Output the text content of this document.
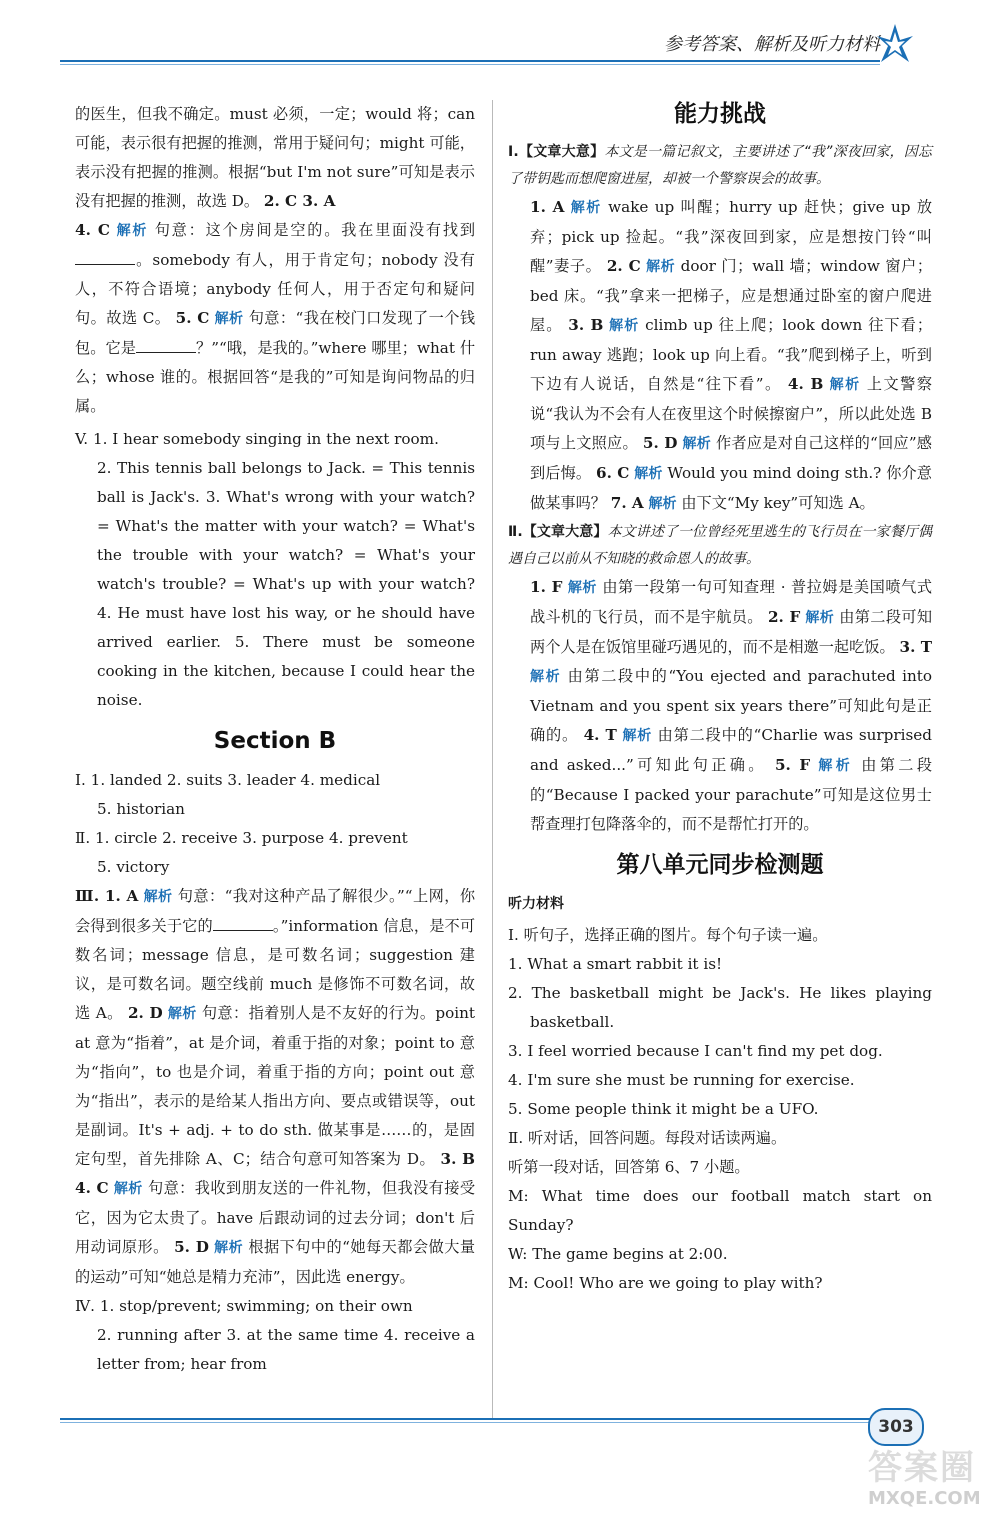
参考答案、解析及听力材料

的医生，但我不确定。must 必须，一定；would 将；can 可能，表示很有把握的推测，常用于疑问句；might 可能，表示没有把握的推测。根据“but I'm not sure”可知是表示没有把握的推测，故选 D。 2. C 3. A

4. C 解析 句意：这个房间是空的。我在里面没有找到。somebody 有人，用于肯定句；nobody 没有人，不符合语境；anybody 任何人，用于否定句和疑问句。故选 C。 5. C 解析 句意：“我在校门口发现了一个钱包。它是	？”“哦，是我的。”where 哪里；what 什么；whose 谁的。根据回答“是我的”可知是询问物品的归属。

V. 1. I hear somebody singing in the next room.

2. This tennis ball belongs to Jack. = This tennis ball is Jack's. 3. What's wrong with your watch? = What's the matter with your watch? = What's the trouble with your watch? = What's your watch's trouble? = What's up with your watch? 4. He must have lost his way, or he should have arrived earlier. 5. There must be someone cooking in the kitchen, because I could hear the noise.

Section B

Ⅰ. 1. landed 2. suits 3. leader 4. medical

5. historian

Ⅱ. 1. circle 2. receive 3. purpose 4. prevent

5. victory

Ⅲ. 1. A 解析 句意：“我对这种产品了解很少。”“上网，你会得到很多关于它的	。”information 信息，是不可数名词；message 信息，是可数名词；suggestion 建议，是可数名词。题空线前 much 是修饰不可数名词，故选 A。 2. D 解析 句意：指着别人是不友好的行为。point at 意为“指着”，at 是介词，着重于指的对象；point to 意为“指向”，to 也是介词，着重于指的方向；point out 意为“指出”，表示的是给某人指出方向、要点或错误等，out 是副词。It's + adj. + to do sth. 做某事是……的，是固定句型，首先排除 A、C；结合句意可知答案为 D。 3. B 4. C 解析 句意：我收到朋友送的一件礼物，但我没有接受它，因为它太贵了。have 后跟动词的过去分词；don't 后用动词原形。 5. D 解析 根据下句中的“她每天都会做大量的运动”可知“她总是精力充沛”，因此选 energy。

Ⅳ. 1. stop/prevent; swimming; on their own

2. running after 3. at the same time 4. receive a letter from; hear from

能力挑战

Ⅰ.【文章大意】本文是一篇记叙文，主要讲述了“我”深夜回家，因忘了带钥匙而想爬窗进屋，却被一个警察误会的故事。

1. A 解析 wake up 叫醒；hurry up 赶快；give up 放弃；pick up 捡起。“我”深夜回到家，应是想按门铃“叫醒”妻子。 2. C 解析 door 门；wall 墙；window 窗户；bed 床。“我”拿来一把梯子，应是想通过卧室的窗户爬进屋。 3. B 解析 climb up 往上爬；look down 往下看；run away 逃跑；look up 向上看。“我”爬到梯子上，听到下边有人说话，自然是“往下看”。 4. B 解析 上文警察说“我认为不会有人在夜里这个时候擦窗户”，所以此处选 B 项与上文照应。 5. D 解析 作者应是对自己这样的“回应”感到后悔。 6. C 解析 Would you mind doing sth.? 你介意做某事吗？ 7. A 解析 由下文“My key”可知选 A。

Ⅱ.【文章大意】本文讲述了一位曾经死里逃生的飞行员在一家餐厅偶遇自己以前从不知晓的救命恩人的故事。

1. F 解析 由第一段第一句可知查理 · 普拉姆是美国喷气式战斗机的飞行员，而不是宇航员。 2. F 解析 由第二段可知两个人是在饭馆里碰巧遇见的，而不是相邀一起吃饭。 3. T 解析 由第二段中的“You ejected and parachuted into Vietnam and you spent six years there”可知此句是正确的。 4. T 解析 由第二段中的“Charlie was surprised and asked...”可知此句正确。 5. F 解析 由第二段的“Because I packed your parachute”可知是这位男士帮查理打包降落伞的，而不是帮忙打开的。

第八单元同步检测题
听力材料

Ⅰ. 听句子，选择正确的图片。每个句子读一遍。

1. What a smart rabbit it is!

2. The basketball might be Jack's. He likes playing basketball.

3. I feel worried because I can't find my pet dog.

4. I'm sure she must be running for exercise.

5. Some people think it might be a UFO.

Ⅱ. 听对话，回答问题。每段对话读两遍。

听第一段对话，回答第 6、7 小题。

M: What time does our football match start on Sunday?

W: The game begins at 2:00.

M: Cool! Who are we going to play with?

303
答案圈
MXQE.COM
